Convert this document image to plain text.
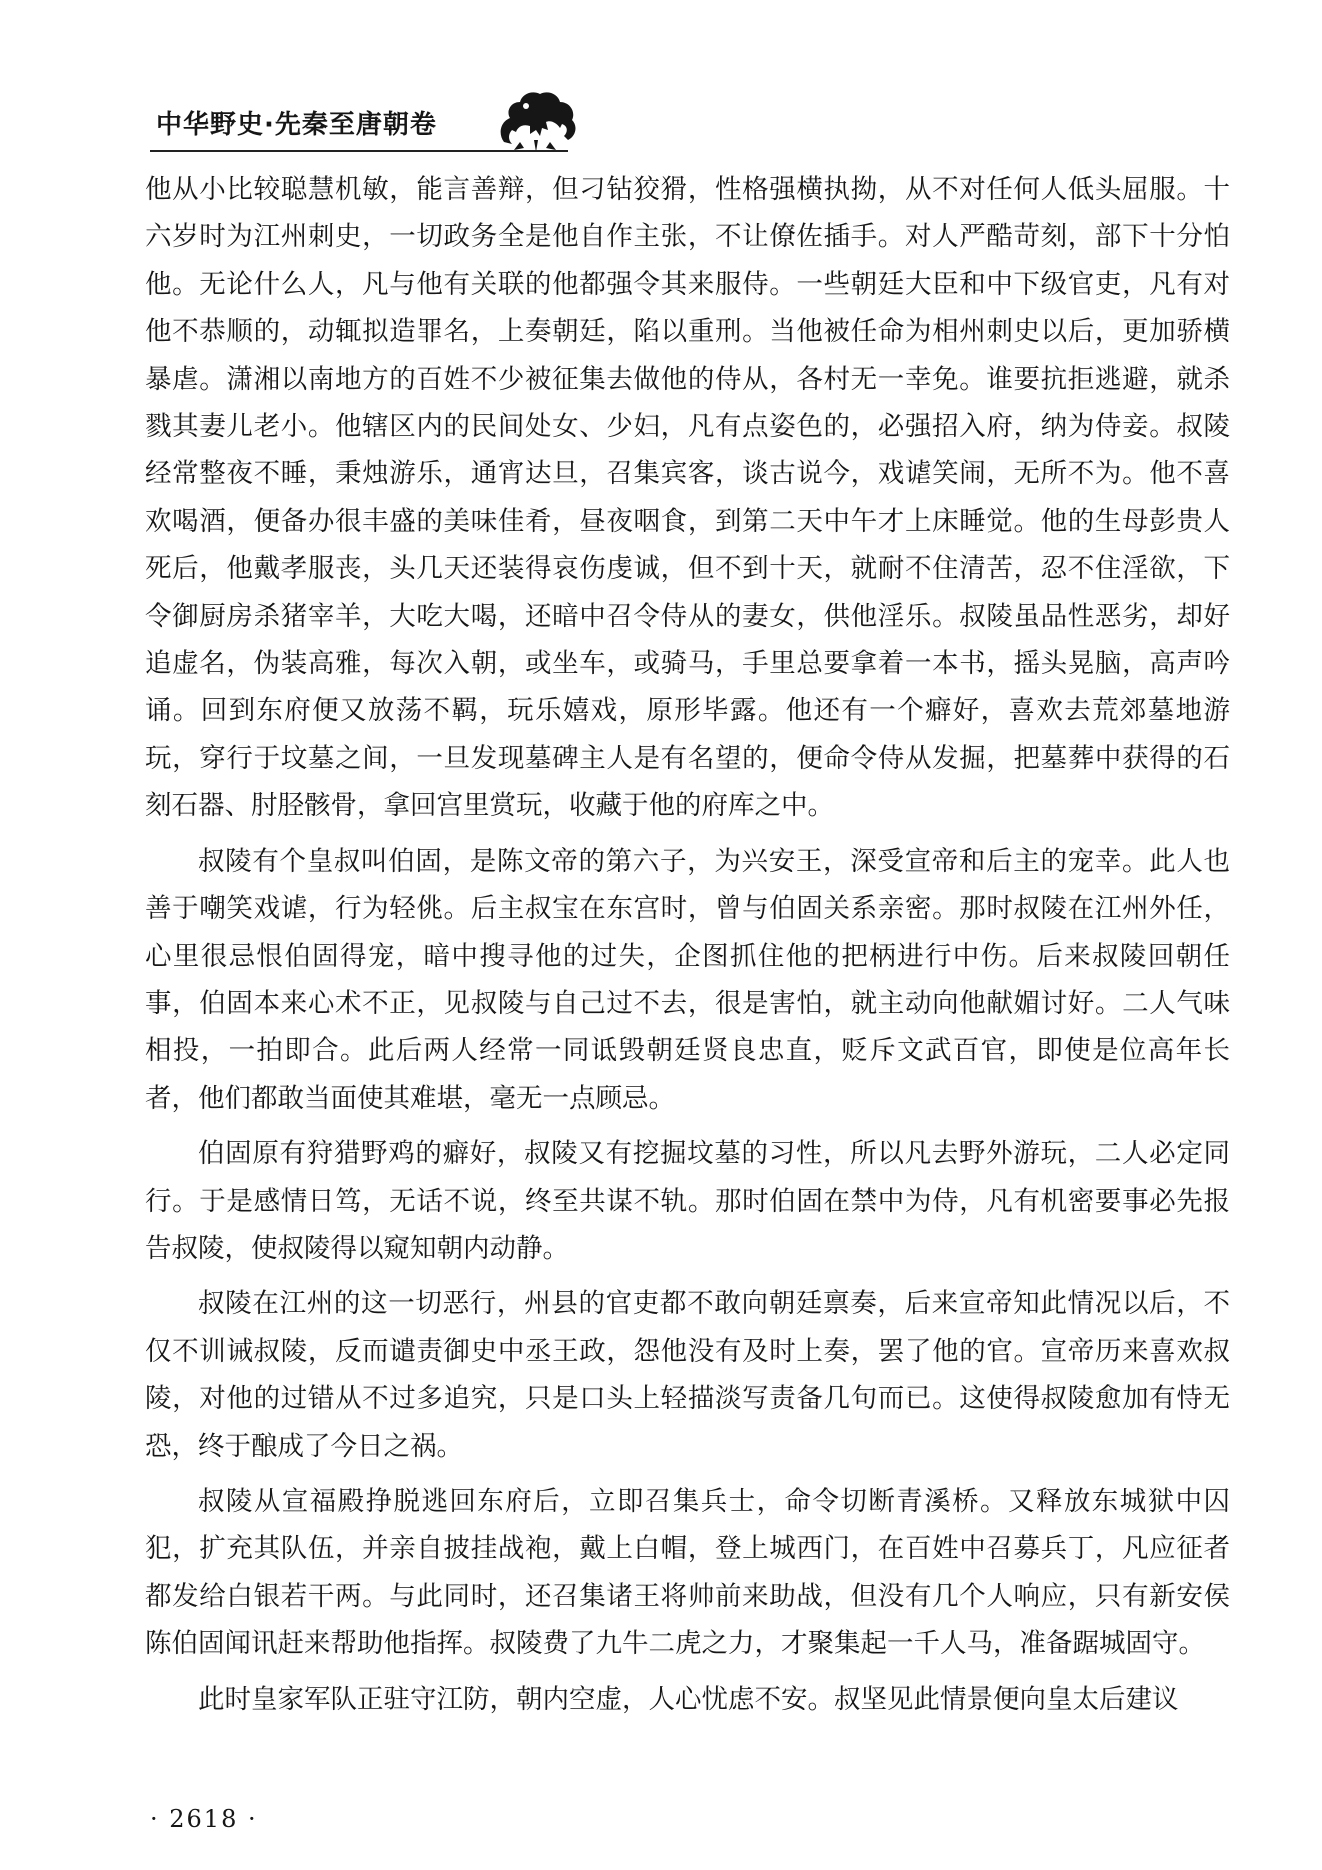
中华野史·先秦至唐朝卷

他从小比较聪慧机敏，能言善辩，但刁钻狡猾，性格强横执拗，从不对任何人低头屈服。十六岁时为江州刺史，一切政务全是他自作主张，不让僚佐插手。对人严酷苛刻，部下十分怕他。无论什么人，凡与他有关联的他都强令其来服侍。一些朝廷大臣和中下级官吏，凡有对他不恭顺的，动辄拟造罪名，上奏朝廷，陷以重刑。当他被任命为相州刺史以后，更加骄横暴虐。潇湘以南地方的百姓不少被征集去做他的侍从，各村无一幸免。谁要抗拒逃避，就杀戮其妻儿老小。他辖区内的民间处女、少妇，凡有点姿色的，必强招入府，纳为侍妾。叔陵经常整夜不睡，秉烛游乐，通宵达旦，召集宾客，谈古说今，戏谑笑闹，无所不为。他不喜欢喝酒，便备办很丰盛的美味佳肴，昼夜咽食，到第二天中午才上床睡觉。他的生母彭贵人死后，他戴孝服丧，头几天还装得哀伤虔诚，但不到十天，就耐不住清苦，忍不住淫欲，下令御厨房杀猪宰羊，大吃大喝，还暗中召令侍从的妻女，供他淫乐。叔陵虽品性恶劣，却好追虚名，伪装高雅，每次入朝，或坐车，或骑马，手里总要拿着一本书，摇头晃脑，高声吟诵。回到东府便又放荡不羁，玩乐嬉戏，原形毕露。他还有一个癖好，喜欢去荒郊墓地游玩，穿行于坟墓之间，一旦发现墓碑主人是有名望的，便命令侍从发掘，把墓葬中获得的石刻石器、肘胫骸骨，拿回宫里赏玩，收藏于他的府库之中。

叔陵有个皇叔叫伯固，是陈文帝的第六子，为兴安王，深受宣帝和后主的宠幸。此人也善于嘲笑戏谑，行为轻佻。后主叔宝在东宫时，曾与伯固关系亲密。那时叔陵在江州外任，心里很忌恨伯固得宠，暗中搜寻他的过失，企图抓住他的把柄进行中伤。后来叔陵回朝任事，伯固本来心术不正，见叔陵与自己过不去，很是害怕，就主动向他献媚讨好。二人气味相投，一拍即合。此后两人经常一同诋毁朝廷贤良忠直，贬斥文武百官，即使是位高年长者，他们都敢当面使其难堪，毫无一点顾忌。

伯固原有狩猎野鸡的癖好，叔陵又有挖掘坟墓的习性，所以凡去野外游玩，二人必定同行。于是感情日笃，无话不说，终至共谋不轨。那时伯固在禁中为侍，凡有机密要事必先报告叔陵，使叔陵得以窥知朝内动静。

叔陵在江州的这一切恶行，州县的官吏都不敢向朝廷禀奏，后来宣帝知此情况以后，不仅不训诫叔陵，反而谴责御史中丞王政，怨他没有及时上奏，罢了他的官。宣帝历来喜欢叔陵，对他的过错从不过多追究，只是口头上轻描淡写责备几句而已。这使得叔陵愈加有恃无恐，终于酿成了今日之祸。

叔陵从宣福殿挣脱逃回东府后，立即召集兵士，命令切断青溪桥。又释放东城狱中囚犯，扩充其队伍，并亲自披挂战袍，戴上白帽，登上城西门，在百姓中召募兵丁，凡应征者都发给白银若干两。与此同时，还召集诸王将帅前来助战，但没有几个人响应，只有新安侯陈伯固闻讯赶来帮助他指挥。叔陵费了九牛二虎之力，才聚集起一千人马，准备踞城固守。

此时皇家军队正驻守江防，朝内空虚，人心忧虑不安。叔坚见此情景便向皇太后建议

· 2618 ·
